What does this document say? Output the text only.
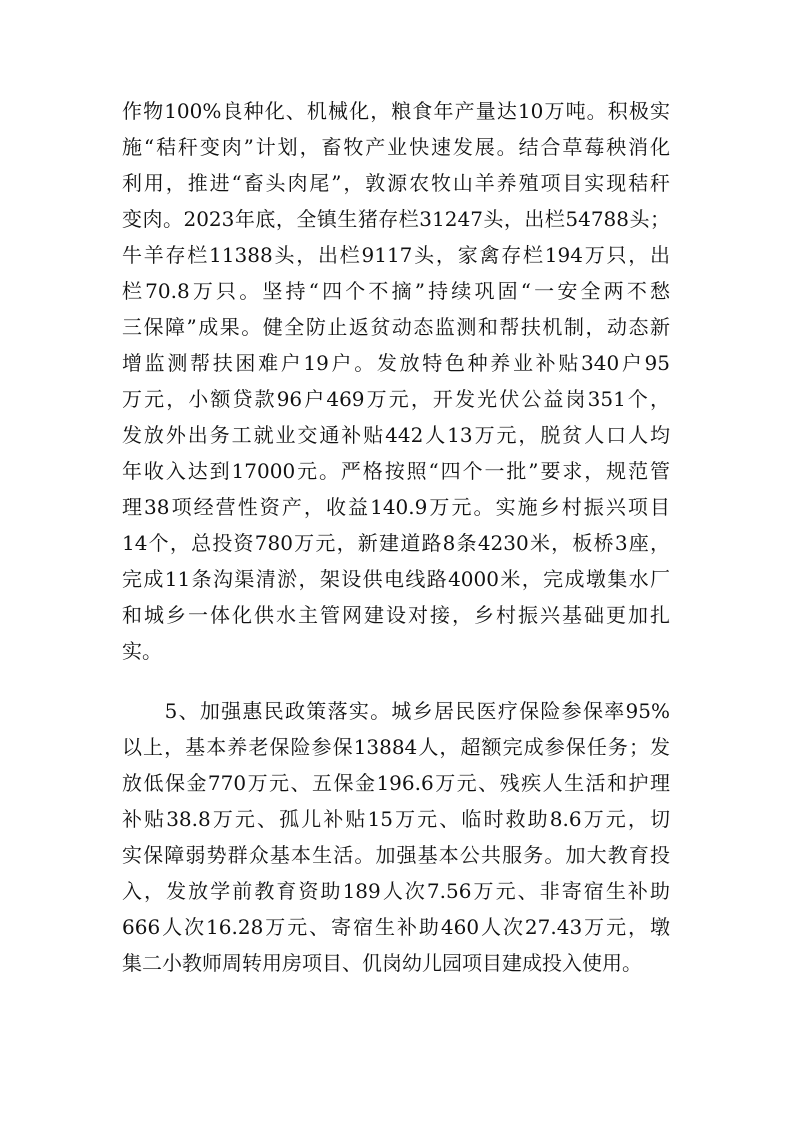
作物100%良种化、机械化，粮食年产量达10万吨。积极实
施“秸秆变肉”计划，畜牧产业快速发展。结合草莓秧消化
利用，推进“畜头肉尾”，敦源农牧山羊养殖项目实现秸秆
变肉。2023年底，全镇生猪存栏31247头，出栏54788头；
牛羊存栏11388头，出栏9117头，家禽存栏194万只，出
栏70.8万只。坚持“四个不摘”持续巩固“一安全两不愁
三保障”成果。健全防止返贫动态监测和帮扶机制，动态新
增监测帮扶困难户19户。发放特色种养业补贴340户95
万元，小额贷款96户469万元，开发光伏公益岗351个，
发放外出务工就业交通补贴442人13万元，脱贫人口人均
年收入达到17000元。严格按照“四个一批”要求，规范管
理38项经营性资产，收益140.9万元。实施乡村振兴项目
14个，总投资780万元，新建道路8条4230米，板桥3座，
完成11条沟渠清淤，架设供电线路4000米，完成墩集水厂
和城乡一体化供水主管网建设对接，乡村振兴基础更加扎
实。
　　5、加强惠民政策落实。城乡居民医疗保险参保率95%
以上，基本养老保险参保13884人，超额完成参保任务；发
放低保金770万元、五保金196.6万元、残疾人生活和护理
补贴38.8万元、孤儿补贴15万元、临时救助8.6万元，切
实保障弱势群众基本生活。加强基本公共服务。加大教育投
入，发放学前教育资助189人次7.56万元、非寄宿生补助
666人次16.28万元、寄宿生补助460人次27.43万元，墩
集二小教师周转用房项目、仉岗幼儿园项目建成投入使用。
